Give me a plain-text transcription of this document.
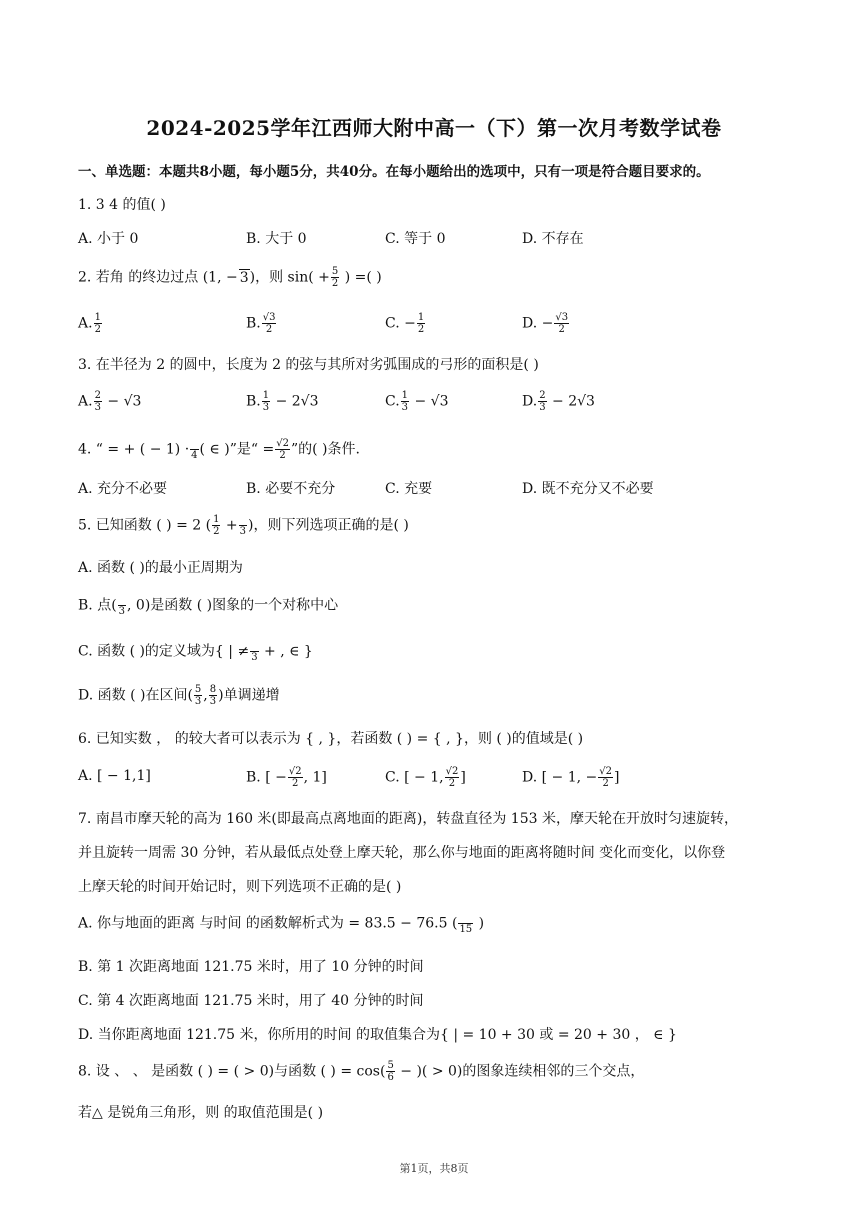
2024-2025学年江西师大附中高一（下）第一次月考数学试卷
一、单选题：本题共8小题，每小题5分，共40分。在每小题给出的选项中，只有一项是符合题目要求的。
1. 3 4 的值( )
A. 小于 0	B. 大于 0	C. 等于 0	D. 不存在
2. 若角 的终边过点 (1, − 3)，则 $\sin( + \frac{5}{2}$ ) =( )
A. $\frac{1}{2}$	B. $\frac{√3}{2}$	C. − $\frac{1}{2}$	D. − $\frac{√3}{2}$
3. 在半径为 2 的圆中，长度为 2 的弦与其所对劣弧围成的弓形的面积是( )
A. $\frac{2}{3} - √3$	B. $\frac{1}{3} - 2√3$	C. $\frac{1}{3} - √3$	D. $\frac{2}{3} - 2√3$
4. “ = + ( − 1) ·
4 ( ∈ )”是“ = $\frac{√2}{2}$ ”的( )条件.
A. 充分不必要	B. 必要不充分	C. 充要	D. 既不充分又不必要
5. 已知函数 ( ) = 2 ( $\frac{1}{2}$ +
3 )，则下列选项正确的是( )
A. 函数 ( )的最小正周期为
B. 点(
3 , 0)是函数 ( )图象的一个对称中心
C. 函数 ( )的定义域为{ | ≠
3 + , ∈ }
D. 函数 ( )在区间( $\frac{5}{3}$ , $\frac{8}{3}$ )单调递增
6. 已知实数 ， 的较大者可以表示为 { , }，若函数 ( ) = { , }，则 ( )的值域是( )
A. [ − 1,1]	B. [ − $\frac{√2}{2}$ , 1]	C. [ − 1, $\frac{√2}{2}$ ]	D. [ − 1, − $\frac{√2}{2}$ ]
7. 南昌市摩天轮的高为 160 米(即最高点离地面的距离)，转盘直径为 153 米，摩天轮在开放时匀速旋转，
并且旋转一周需 30 分钟，若从最低点处登上摩天轮，那么你与地面的距离将随时间 变化而变化，以你登
上摩天轮的时间开始记时，则下列选项不正确的是( )
A. 你与地面的距离 与时间 的函数解析式为 = 83.5 − 76.5 (
15 )
B. 第 1 次距离地面 121.75 米时，用了 10 分钟的时间
C. 第 4 次距离地面 121.75 米时，用了 40 分钟的时间
D. 当你距离地面 121.75 米，你所用的时间 的取值集合为{ | = 10 + 30 或 = 20 + 30 ， ∈ }
8. 设 、 、 是函数 ( ) = ( > 0)与函数 ( ) = $\cos( \frac{5}{6}$ − )( > 0)的图象连续相邻的三个交点，
若△ 是锐角三角形，则 的取值范围是( )
第1页，共8页
